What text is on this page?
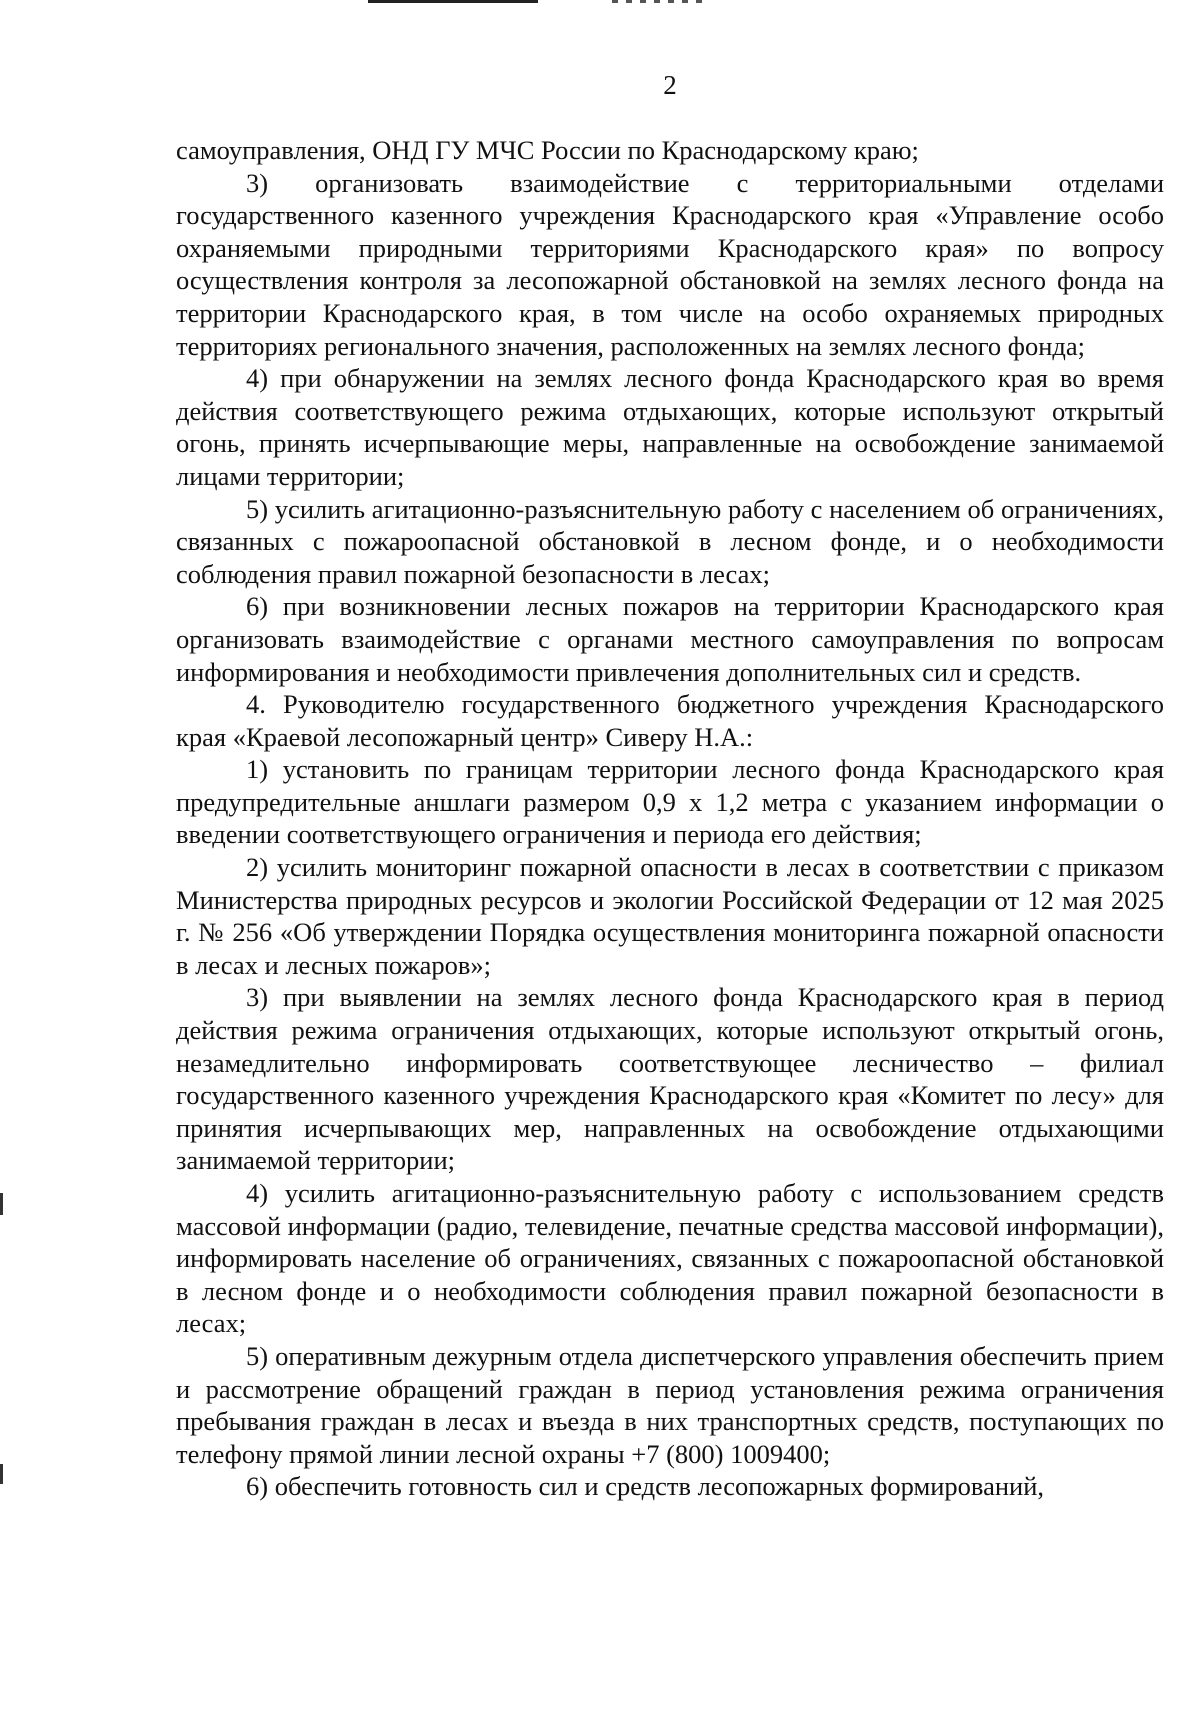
2

самоуправления, ОНД ГУ МЧС России по Краснодарскому краю;

3) организовать взаимодействие с территориальными отделами государственного казенного учреждения Краснодарского края «Управление особо охраняемыми природными территориями Краснодарского края» по вопросу осуществления контроля за лесопожарной обстановкой на землях лесного фонда на территории Краснодарского края, в том числе на особо охраняемых природных территориях регионального значения, расположенных на землях лесного фонда;

4) при обнаружении на землях лесного фонда Краснодарского края во время действия соответствующего режима отдыхающих, которые используют открытый огонь, принять исчерпывающие меры, направленные на освобождение занимаемой лицами территории;

5) усилить агитационно-разъяснительную работу с населением об ограничениях, связанных с пожароопасной обстановкой в лесном фонде, и о необходимости соблюдения правил пожарной безопасности в лесах;

6) при возникновении лесных пожаров на территории Краснодарского края организовать взаимодействие с органами местного самоуправления по вопросам информирования и необходимости привлечения дополнительных сил и средств.

4. Руководителю государственного бюджетного учреждения Краснодарского края «Краевой лесопожарный центр» Сиверу Н.А.:

1) установить по границам территории лесного фонда Краснодарского края предупредительные аншлаги размером 0,9 х 1,2 метра с указанием информации о введении соответствующего ограничения и периода его действия;

2) усилить мониторинг пожарной опасности в лесах в соответствии с приказом Министерства природных ресурсов и экологии Российской Федерации от 12 мая 2025 г. № 256 «Об утверждении Порядка осуществления мониторинга пожарной опасности в лесах и лесных пожаров»;

3) при выявлении на землях лесного фонда Краснодарского края в период действия режима ограничения отдыхающих, которые используют открытый огонь, незамедлительно информировать соответствующее лесничество – филиал государственного казенного учреждения Краснодарского края «Комитет по лесу» для принятия исчерпывающих мер, направленных на освобождение отдыхающими занимаемой территории;

4) усилить агитационно-разъяснительную работу с использованием средств массовой информации (радио, телевидение, печатные средства массовой информации), информировать население об ограничениях, связанных с пожароопасной обстановкой в лесном фонде и о необходимости соблюдения правил пожарной безопасности в лесах;

5) оперативным дежурным отдела диспетчерского управления обеспечить прием и рассмотрение обращений граждан в период установления режима ограничения пребывания граждан в лесах и въезда в них транспортных средств, поступающих по телефону прямой линии лесной охраны +7 (800) 1009400;

6) обеспечить готовность сил и средств лесопожарных формирований,
